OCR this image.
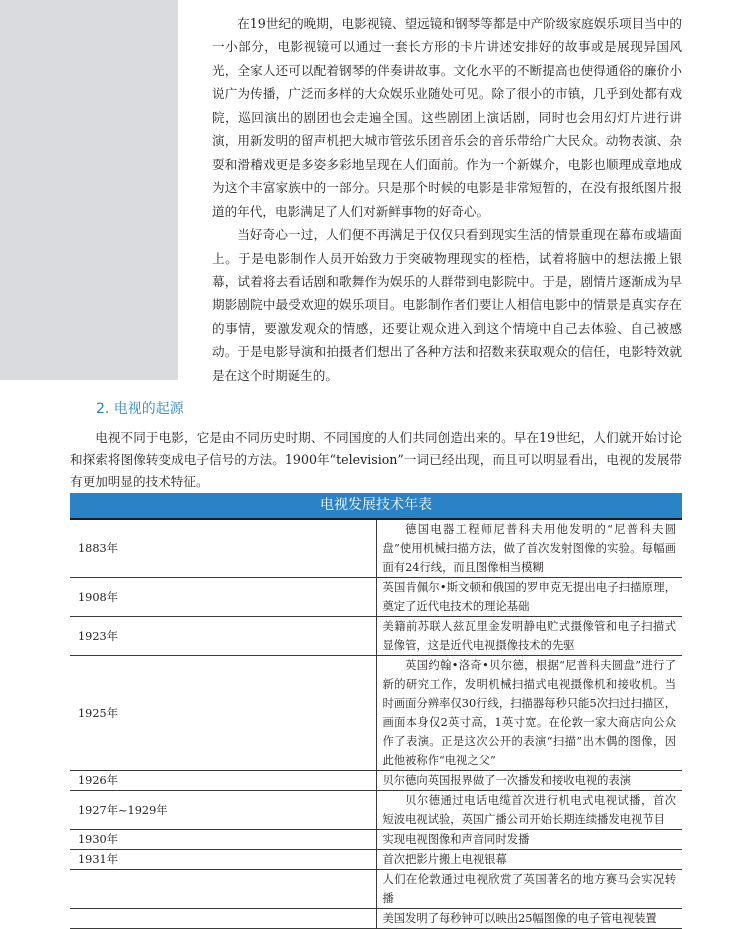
在19世纪的晚期，电影视镜、望远镜和钢琴等都是中产阶级家庭娱乐项目当中的一小部分，电影视镜可以通过一套长方形的卡片讲述安排好的故事或是展现异国风光，全家人还可以配着钢琴的伴奏讲故事。文化水平的不断提高也使得通俗的廉价小说广为传播，广泛而多样的大众娱乐业随处可见。除了很小的市镇，几乎到处都有戏院，巡回演出的剧团也会走遍全国。这些剧团上演话剧，同时也会用幻灯片进行讲演，用新发明的留声机把大城市管弦乐团音乐会的音乐带给广大民众。动物表演、杂耍和滑稽戏更是多姿多彩地呈现在人们面前。作为一个新媒介，电影也顺理成章地成为这个丰富家族中的一部分。只是那个时候的电影是非常短暂的，在没有报纸图片报道的年代，电影满足了人们对新鲜事物的好奇心。

当好奇心一过，人们便不再满足于仅仅只看到现实生活的情景重现在幕布或墙面上。于是电影制作人员开始致力于突破物理现实的桎梏，试着将脑中的想法搬上银幕，试着将去看话剧和歌舞作为娱乐的人群带到电影院中。于是，剧情片逐渐成为早期影剧院中最受欢迎的娱乐项目。电影制作者们要让人相信电影中的情景是真实存在的事情，要激发观众的情感，还要让观众进入到这个情境中自己去体验、自己被感动。于是电影导演和拍摄者们想出了各种方法和招数来获取观众的信任，电影特效就是在这个时期诞生的。

2. 电视的起源

电视不同于电影，它是由不同历史时期、不同国度的人们共同创造出来的。早在19世纪，人们就开始讨论和探索将图像转变成电子信号的方法。1900年“television”一词已经出现，而且可以明显看出，电视的发展带有更加明显的技术特征。

电视发展技术年表	
1883年	德国电器工程师尼普科夫用他发明的“尼普科夫圆盘”使用机械扫描方法，做了首次发射图像的实验。每幅画面有24行线，而且图像相当模糊

1908年	英国肯佩尔•斯文顿和俄国的罗申克无提出电子扫描原理，奠定了近代电技术的理论基础
1923年	美籍前苏联人兹瓦里金发明静电贮式摄像管和电子扫描式显像管，这是近代电视摄像技术的先驱
1925年	英国约翰•洛奇•贝尔德，根据“尼普科夫圆盘”进行了新的研究工作，发明机械扫描式电视摄像机和接收机。当时画面分辨率仅30行线，扫描器每秒只能5次扫过扫描区，画面本身仅2英寸高，1英寸宽。在伦敦一家大商店向公众作了表演。正是这次公开的表演“扫描”出木偶的图像，因此他被称作“电视之父”

1926年	贝尔德向英国报界做了一次播发和接收电视的表演
1927年~1929年	贝尔德通过电话电缆首次进行机电式电视试播，首次短波电视试验，英国广播公司开始长期连续播发电视节目

1930年	实现电视图像和声音同时发播
1931年	首次把影片搬上电视银幕
	人们在伦敦通过电视欣赏了英国著名的地方赛马会实况转播
	美国发明了每秒钟可以映出25幅图像的电子管电视装置
